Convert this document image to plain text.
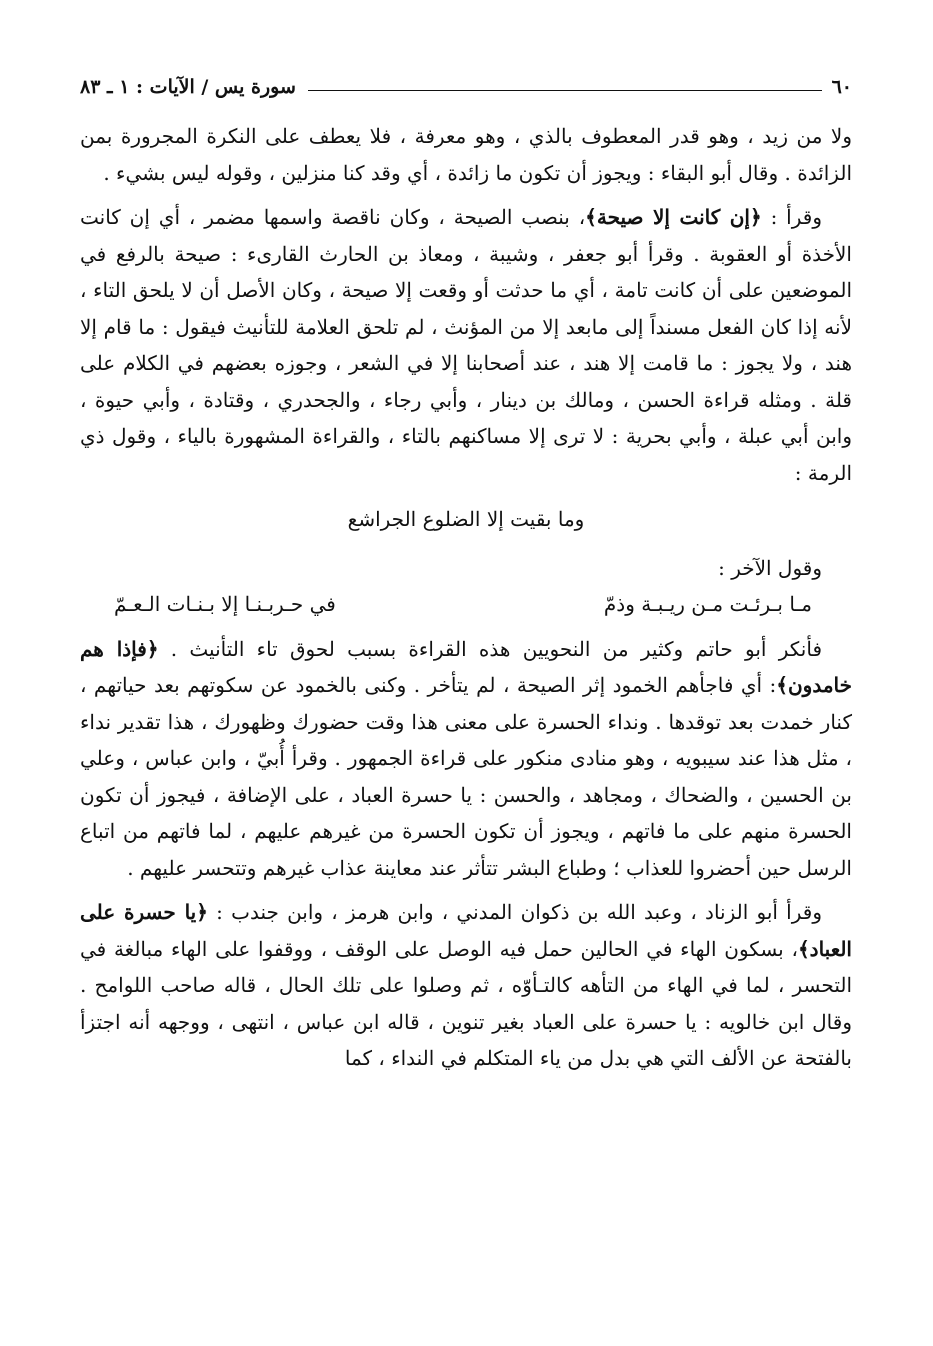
٦٠
سورة يس / الآيات : ١ ـ ٨٣

ولا من زيد ، وهو قدر المعطوف بالذي ، وهو معرفة ، فلا يعطف على النكرة المجرورة بمن الزائدة . وقال أبو البقاء : ويجوز أن تكون ما زائدة ، أي وقد كنا منزلين ، وقوله ليس بشيء .

وقرأ : ﴿إن كانت إلا صيحة﴾، بنصب الصيحة ، وكان ناقصة واسمها مضمر ، أي إن كانت الأخذة أو العقوبة . وقرأ أبو جعفر ، وشيبة ، ومعاذ بن الحارث القارىء : صيحة بالرفع في الموضعين على أن كانت تامة ، أي ما حدثت أو وقعت إلا صيحة ، وكان الأصل أن لا يلحق التاء ، لأنه إذا كان الفعل مسنداً إلى مابعد إلا من المؤنث ، لم تلحق العلامة للتأنيث فيقول : ما قام إلا هند ، ولا يجوز : ما قامت إلا هند ، عند أصحابنا إلا في الشعر ، وجوزه بعضهم في الكلام على قلة . ومثله قراءة الحسن ، ومالك بن دينار ، وأبي رجاء ، والجحدري ، وقتادة ، وأبي حيوة ، وابن أبي عبلة ، وأبي بحرية : لا ترى إلا مساكنهم بالتاء ، والقراءة المشهورة بالياء ، وقول ذي الرمة :

وما بقيت إلا الضلوع الجراشع

وقول الآخر :

مـا بـرئـت مـن ريـبـة وذمّ
في حـربـنـا إلا بـنـات الـعـمّ

فأنكر أبو حاتم وكثير من النحويين هذه القراءة بسبب لحوق تاء التأنيث . ﴿فإذا هم خامدون﴾: أي فاجأهم الخمود إثر الصيحة ، لم يتأخر . وكنى بالخمود عن سكوتهم بعد حياتهم ، كنار خمدت بعد توقدها . ونداء الحسرة على معنى هذا وقت حضورك وظهورك ، هذا تقدير نداء ، مثل هذا عند سيبويه ، وهو منادى منكور على قراءة الجمهور . وقرأ أُبيّ ، وابن عباس ، وعلي بن الحسين ، والضحاك ، ومجاهد ، والحسن : يا حسرة العباد ، على الإضافة ، فيجوز أن تكون الحسرة منهم على ما فاتهم ، ويجوز أن تكون الحسرة من غيرهم عليهم ، لما فاتهم من اتباع الرسل حين أحضروا للعذاب ؛ وطباع البشر تتأثر عند معاينة عذاب غيرهم وتتحسر عليهم .

وقرأ أبو الزناد ، وعبد الله بن ذكوان المدني ، وابن هرمز ، وابن جندب : ﴿يا حسرة على العباد﴾، بسكون الهاء في الحالين حمل فيه الوصل على الوقف ، ووقفوا على الهاء مبالغة في التحسر ، لما في الهاء من التأهه كالتـأوّه ، ثم وصلوا على تلك الحال ، قاله صاحب اللوامح . وقال ابن خالويه : يا حسرة على العباد بغير تنوين ، قاله ابن عباس ، انتهى ، ووجهه أنه اجتزأ بالفتحة عن الألف التي هي بدل من ياء المتكلم في النداء ، كما
